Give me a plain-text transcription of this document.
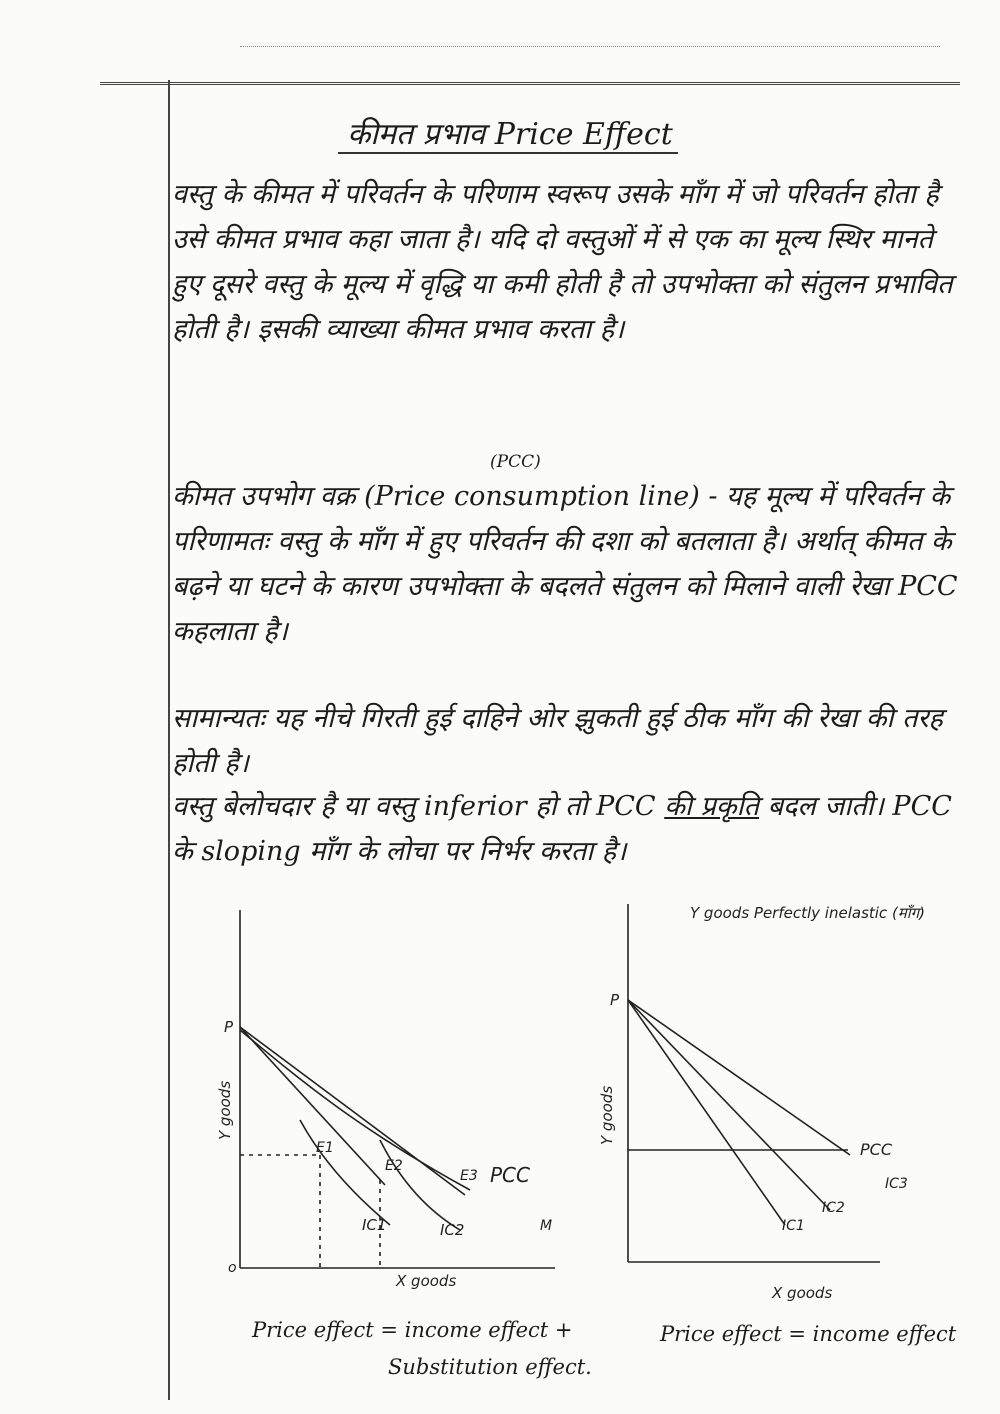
कीमत प्रभाव Price Effect
वस्तु के कीमत में परिवर्तन के परिणाम स्वरूप उसके माँग में जो परिवर्तन होता है उसे कीमत प्रभाव कहा जाता है। यदि दो वस्तुओं में से एक का मूल्य स्थिर मानते हुए दूसरे वस्तु के मूल्य में वृद्धि या कमी होती है तो उपभोक्ता को संतुलन प्रभावित होती है। इसकी व्याख्या कीमत प्रभाव करता है।
(PCC)
कीमत उपभोग वक्र (Price consumption line) - यह मूल्य में परिवर्तन के परिणामतः वस्तु के माँग में हुए परिवर्तन की दशा को बतलाता है। अर्थात् कीमत के बढ़ने या घटने के कारण उपभोक्ता के बदलते संतुलन को मिलाने वाली रेखा PCC कहलाता है।
सामान्यतः यह नीचे गिरती हुई दाहिने ओर झुकती हुई ठीक माँग की रेखा की तरह होती है।
वस्तु बेलोचदार है या वस्तु inferior हो तो PCC की प्रकृति बदल जाती। PCC के sloping माँग के लोचा पर निर्भर करता है।
Y goods
P
E1
E2
E3 PCC
IC1	IC2	M
o
X goods
Y goods Perfectly inelastic (माँग)
Y goods
P
PCC
IC3
IC2
IC1
X goods
Price effect = income effect +
Substitution effect.
Price effect = income effect
